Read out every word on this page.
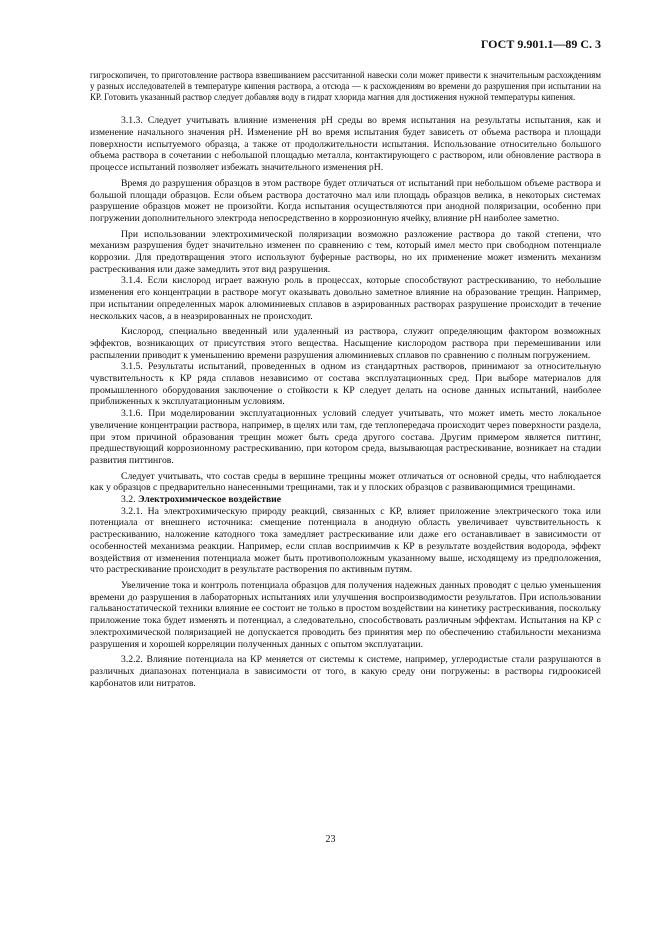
ГОСТ 9.901.1—89 С. 3

гигроскопичен, то приготовление раствора взвешиванием рассчитанной навески соли может привести к значительным расхождениям у разных исследователей в температуре кипения раствора, а отсюда — к расхождениям во времени до разрушения при испытании на КР. Готовить указанный раствор следует добавляя воду в гидрат хлорида магния для достижения нужной температуры кипения.

3.1.3. Следует учитывать влияние изменения pH среды во время испытания на результаты испытания, как и изменение начального значения pH. Изменение pH во время испытания будет зависеть от объема раствора и площади поверхности испытуемого образца, а также от продолжительности испытания. Использование относительно большого объема раствора в сочетании с небольшой площадью металла, контактирующего с раствором, или обновление раствора в процессе испытаний позволяет избежать значительного изменения pH.

Время до разрушения образцов в этом растворе будет отличаться от испытаний при небольшом объеме раствора и большой площади образцов. Если объем раствора достаточно мал или площадь образцов велика, в некоторых системах разрушение образцов может не произойти. Когда испытания осуществляются при анодной поляризации, особенно при погружении дополнительного электрода непосредственно в коррозионную ячейку, влияние pH наиболее заметно.

При использовании электрохимической поляризации возможно разложение раствора до такой степени, что механизм разрушения будет значительно изменен по сравнению с тем, который имел место при свободном потенциале коррозии. Для предотвращения этого используют буферные растворы, но их применение может изменить механизм растрескивания или даже замедлить этот вид разрушения.

3.1.4. Если кислород играет важную роль в процессах, которые способствуют растрескиванию, то небольшие изменения его концентрации в растворе могут оказывать довольно заметное влияние на образование трещин. Например, при испытании определенных марок алюминиевых сплавов в аэрированных растворах разрушение происходит в течение нескольких часов, а в неаэрированных не происходит.

Кислород, специально введенный или удаленный из раствора, служит определяющим фактором возможных эффектов, возникающих от присутствия этого вещества. Насыщение кислородом раствора при перемешивании или распылении приводит к уменьшению времени разрушения алюминиевых сплавов по сравнению с полным погружением.

3.1.5. Результаты испытаний, проведенных в одном из стандартных растворов, принимают за относительную чувствительность к КР ряда сплавов независимо от состава эксплуатационных сред. При выборе материалов для промышленного оборудования заключение о стойкости к КР следует делать на основе данных испытаний, наиболее приближенных к эксплуатационным условиям.

3.1.6. При моделировании эксплуатационных условий следует учитывать, что может иметь место локальное увеличение концентрации раствора, например, в щелях или там, где теплопередача происходит через поверхности раздела, при этом причиной образования трещин может быть среда другого состава. Другим примером является питтинг, предшествующий коррозионному растрескиванию, при котором среда, вызывающая растрескивание, возникает на стадии развития питтингов.

Следует учитывать, что состав среды в вершине трещины может отличаться от основной среды, что наблюдается как у образцов с предварительно нанесенными трещинами, так и у плоских образцов с развивающимися трещинами.

3.2. Электрохимическое воздействие

3.2.1. На электрохимическую природу реакций, связанных с КР, влияет приложение электрического тока или потенциала от внешнего источника: смещение потенциала в анодную область увеличивает чувствительность к растрескиванию, наложение катодного тока замедляет растрескивание или даже его останавливает в зависимости от особенностей механизма реакции. Например, если сплав восприимчив к КР в результате воздействия водорода, эффект воздействия от изменения потенциала может быть противоположным указанному выше, исходящему из предположения, что растрескивание происходит в результате растворения по активным путям.

Увеличение тока и контроль потенциала образцов для получения надежных данных проводят с целью уменьшения времени до разрушения в лабораторных испытаниях или улучшения воспроизводимости результатов. При использовании гальваностатической техники влияние ее состоит не только в простом воздействии на кинетику растрескивания, поскольку приложение тока будет изменять и потенциал, а следовательно, способствовать различным эффектам. Испытания на КР с электрохимической поляризацией не допускается проводить без принятия мер по обеспечению стабильности механизма разрушения и хорошей корреляции полученных данных с опытом эксплуатации.

3.2.2. Влияние потенциала на КР меняется от системы к системе, например, углеродистые стали разрушаются в различных диапазонах потенциала в зависимости от того, в какую среду они погружены: в растворы гидроокисей карбонатов или нитратов.

23
